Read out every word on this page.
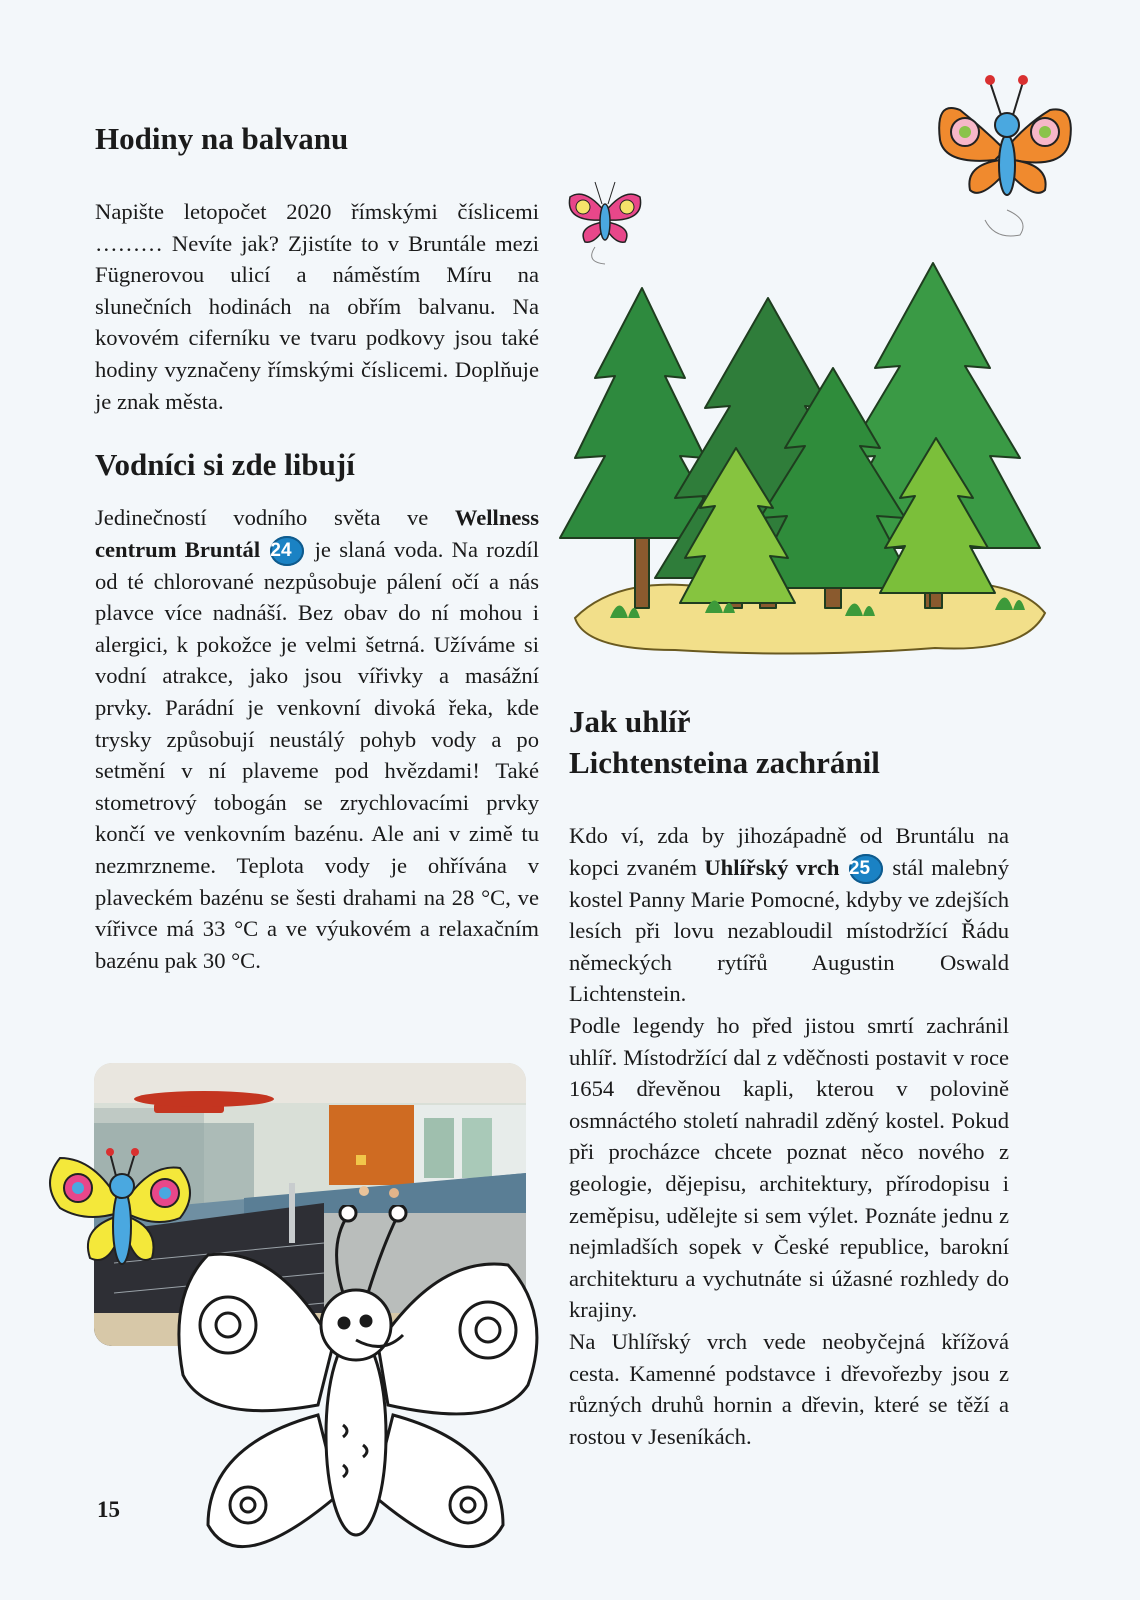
Hodiny na balvanu

Napište letopočet 2020 římskými číslicemi ……… Nevíte jak? Zjistíte to v Bruntále mezi Fügnerovou ulicí a náměstím Míru na slunečních hodinách na obřím balvanu. Na kovovém ciferníku ve tvaru podkovy jsou také hodiny vyznačeny římskými číslicemi. Doplňuje je znak města.

Vodníci si zde libují

Jedinečností vodního světa ve Wellness centrum Bruntál 24 je slaná voda. Na rozdíl od té chlorované nezpůsobuje pálení očí a nás plavce více nadnáší. Bez obav do ní mohou i alergici, k pokožce je velmi šetrná. Užíváme si vodní atrakce, jako jsou vířivky a masážní prvky. Parádní je venkovní divoká řeka, kde trysky způsobují neustálý pohyb vody a po setmění v ní plaveme pod hvězdami! Také stometrový tobogán se zrychlovacími prvky končí ve venkovním bazénu. Ale ani v zimě tu nezmrzneme. Teplota vody je ohřívána v plaveckém bazénu se šesti drahami na 28 °C, ve vířivce má 33 °C a ve výukovém a relaxačním bazénu pak 30 °C.

Jak uhlíř
Lichtensteina zachránil

Kdo ví, zda by jihozápadně od Bruntálu na kopci zvaném Uhlířský vrch 25 stál malebný kostel Panny Marie Pomocné, kdyby ve zdejších lesích při lovu nezabloudil místodržící Řádu německých rytířů Augustin Oswald Lichtenstein.

Podle legendy ho před jistou smrtí zachránil uhlíř. Místodržící dal z vděčnosti postavit v roce 1654 dřevěnou kapli, kterou v polovině osmnáctého století nahradil zděný kostel. Pokud při procházce chcete poznat něco nového z geologie, dějepisu, architektury, přírodopisu i zeměpisu, udělejte si sem výlet. Poznáte jednu z nejmladších sopek v České republice, barokní architekturu a vychutnáte si úžasné rozhledy do krajiny.

Na Uhlířský vrch vede neobyčejná křížová cesta. Kamenné podstavce i dřevořezby jsou z různých druhů hornin a dřevin, které se těží a rostou v Jeseníkách.

15
